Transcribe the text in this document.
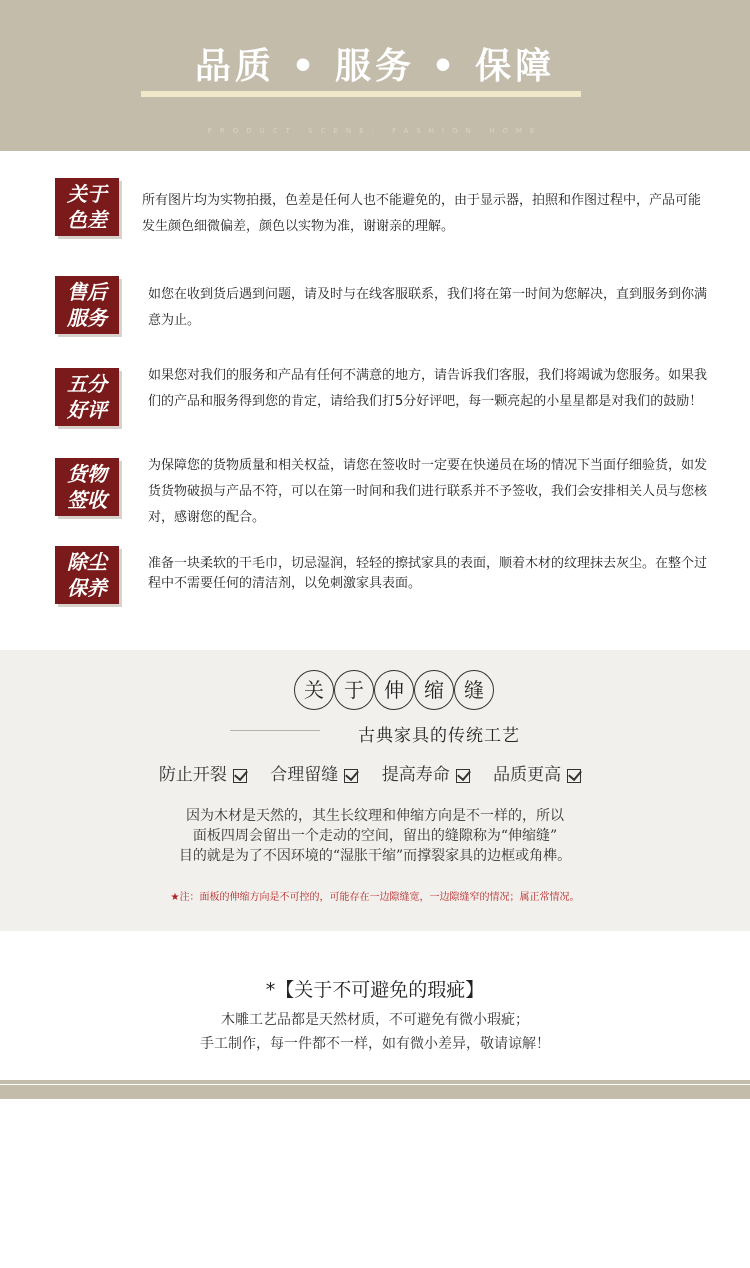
品质 • 服务 • 保障
PRODUCT SCENE: FASHION HOME
关于
色差
所有图片均为实物拍摄，色差是任何人也不能避免的，由于显示器，拍照和作图过程中，产品可能发生颜色细微偏差，颜色以实物为准，谢谢亲的理解。
售后
服务
如您在收到货后遇到问题，请及时与在线客服联系，我们将在第一时间为您解决，直到服务到你满意为止。
五分
好评
如果您对我们的服务和产品有任何不满意的地方，请告诉我们客服，我们将竭诚为您服务。如果我们的产品和服务得到您的肯定，请给我们打5分好评吧，每一颗亮起的小星星都是对我们的鼓励！
货物
签收
为保障您的货物质量和相关权益，请您在签收时一定要在快递员在场的情况下当面仔细验货，如发货货物破损与产品不符，可以在第一时间和我们进行联系并不予签收，我们会安排相关人员与您核对，感谢您的配合。
除尘
保养
准备一块柔软的干毛巾，切忌湿润，轻轻的擦拭家具的表面，顺着木材的纹理抹去灰尘。在整个过程中不需要任何的清洁剂，以免刺激家具表面。
关	于	伸	缩	缝
古典家具的传统工艺
防止开裂	合理留缝	提高寿命	品质更高
因为木材是天然的，其生长纹理和伸缩方向是不一样的，所以
面板四周会留出一个走动的空间，留出的缝隙称为“伸缩缝”
目的就是为了不因环境的“湿胀干缩”而撑裂家具的边框或角榫。
★注：面板的伸缩方向是不可控的，可能存在一边隙缝宽，一边隙缝窄的情况；属正常情况。
*【关于不可避免的瑕疵】
木雕工艺品都是天然材质，不可避免有微小瑕疵；
手工制作，每一件都不一样，如有微小差异，敬请谅解！
